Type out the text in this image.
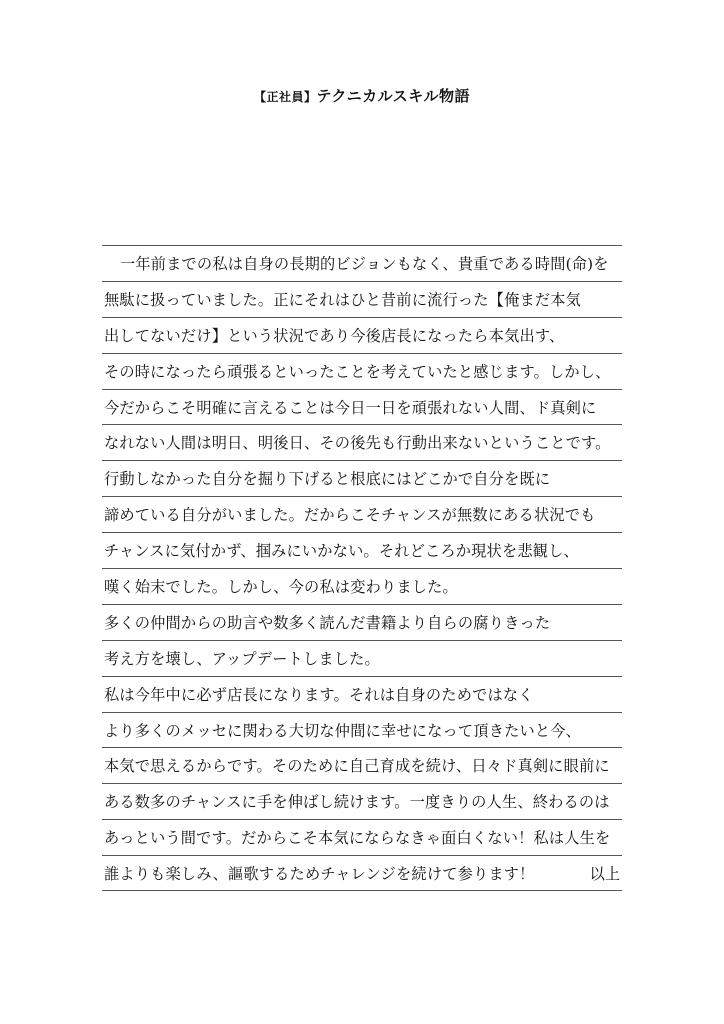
【正社員】テクニカルスキル物語
一年前までの私は自身の長期的ビジョンもなく、貴重である時間(命)を
無駄に扱っていました。正にそれはひと昔前に流行った【俺まだ本気
出してないだけ】という状況であり今後店長になったら本気出す、
その時になったら頑張るといったことを考えていたと感じます。しかし、
今だからこそ明確に言えることは今日一日を頑張れない人間、ド真剣に
なれない人間は明日、明後日、その後先も行動出来ないということです。
行動しなかった自分を掘り下げると根底にはどこかで自分を既に
諦めている自分がいました。だからこそチャンスが無数にある状況でも
チャンスに気付かず、掴みにいかない。それどころか現状を悲観し、
嘆く始末でした。しかし、今の私は変わりました。
多くの仲間からの助言や数多く読んだ書籍より自らの腐りきった
考え方を壊し、アップデートしました。
私は今年中に必ず店長になります。それは自身のためではなく
より多くのメッセに関わる大切な仲間に幸せになって頂きたいと今、
本気で思えるからです。そのために自己育成を続け、日々ド真剣に眼前に
ある数多のチャンスに手を伸ばし続けます。一度きりの人生、終わるのは
あっという間です。だからこそ本気にならなきゃ面白くない！私は人生を
誰よりも楽しみ、謳歌するためチャレンジを続けて参ります！	以上
